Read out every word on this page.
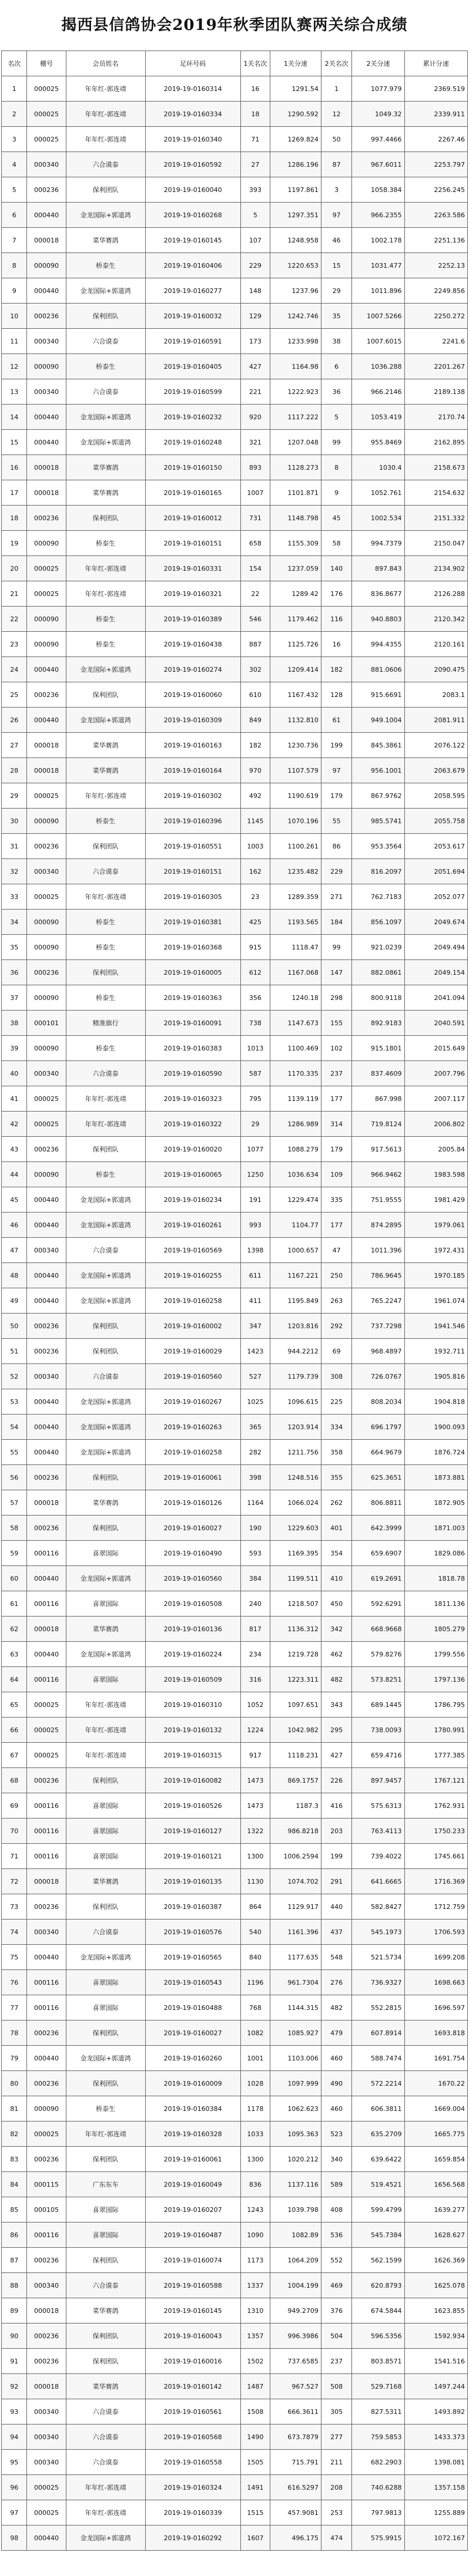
揭西县信鸽协会2019年秋季团队赛两关综合成绩
名次	棚号	会员姓名	足环号码	1关名次	1关分速	2关名次	2关分速	累计分速
1	000025	年年红-郭连靖	2019-19-0160314	16	1291.54	1	1077.979	2369.519
2	000025	年年红-郭连靖	2019-19-0160334	18	1290.592	12	1049.32	2339.911
3	000025	年年红-郭连靖	2019-19-0160340	71	1269.824	50	997.4466	2267.46
4	000340	六合谟泰	2019-19-0160592	27	1286.196	87	967.6011	2253.797
5	000236	保利团队	2019-19-0160040	393	1197.861	3	1058.384	2256.245
6	000440	金龙国际+郭道鸿	2019-19-0160268	5	1297.351	97	966.2355	2263.586
7	000018	菜华赛鸽	2019-19-0160145	107	1248.958	46	1002.178	2251.136
8	000090	桥泰生	2019-19-0160406	229	1220.653	15	1031.477	2252.13
9	000440	金龙国际+郭道鸿	2019-19-0160277	148	1237.96	29	1011.896	2249.856
10	000236	保利团队	2019-19-0160032	129	1242.746	35	1007.5266	2250.272
11	000340	六合谟泰	2019-19-0160591	173	1233.998	38	1007.6015	2241.6
12	000090	桥泰生	2019-19-0160405	427	1164.98	6	1036.288	2201.267
13	000340	六合谟泰	2019-19-0160599	221	1222.923	36	966.2146	2189.138
14	000440	金龙国际+郭道鸿	2019-19-0160232	920	1117.222	5	1053.419	2170.74
15	000440	金龙国际+郭道鸿	2019-19-0160248	321	1207.048	99	955.8469	2162.895
16	000018	菜华赛鸽	2019-19-0160150	893	1128.273	8	1030.4	2158.673
17	000018	菜华赛鸽	2019-19-0160165	1007	1101.871	9	1052.761	2154.632
18	000236	保利团队	2019-19-0160012	731	1148.798	45	1002.534	2151.332
19	000090	桥泰生	2019-19-0160151	658	1155.309	58	994.7379	2150.047
20	000025	年年红-郭连靖	2019-19-0160331	154	1237.059	140	897.843	2134.902
21	000025	年年红-郭连靖	2019-19-0160321	22	1289.42	176	836.8677	2126.288
22	000090	桥泰生	2019-19-0160389	546	1179.462	116	940.8803	2120.342
23	000090	桥泰生	2019-19-0160438	887	1125.726	16	994.4355	2120.161
24	000440	金龙国际+郭道鸿	2019-19-0160274	302	1209.414	182	881.0606	2090.475
25	000236	保利团队	2019-19-0160060	610	1167.432	128	915.6691	2083.1
26	000440	金龙国际+郭道鸿	2019-19-0160309	849	1132.810	61	949.1004	2081.911
27	000018	菜华赛鸽	2019-19-0160163	182	1230.736	199	845.3861	2076.122
28	000018	菜华赛鸽	2019-19-0160164	970	1107.579	97	956.1001	2063.679
29	000025	年年红-郭连靖	2019-19-0160302	492	1190.619	179	867.9762	2058.595
30	000090	桥泰生	2019-19-0160396	1145	1070.196	55	985.5741	2055.758
31	000236	保利团队	2019-19-0160551	1003	1100.261	86	953.3564	2053.617
32	000340	六合谟泰	2019-19-0160151	162	1235.482	229	816.2097	2051.694
33	000025	年年红-郭连靖	2019-19-0160305	23	1289.359	271	762.7183	2052.077
34	000090	桥泰生	2019-19-0160381	425	1193.565	184	856.1097	2049.674
35	000090	桥泰生	2019-19-0160368	915	1118.47	99	921.0239	2049.494
36	000236	保利团队	2019-19-0160005	612	1167.068	147	882.0861	2049.154
37	000090	桥泰生	2019-19-0160363	356	1240.18	298	800.9118	2041.094
38	000101	精准旗行	2019-19-0160091	738	1147.673	155	892.9183	2040.591
39	000090	桥泰生	2019-19-0160383	1013	1100.469	102	915.1801	2015.649
40	000340	六合谟泰	2019-19-0160590	587	1170.335	237	837.4609	2007.796
41	000025	年年红-郭连靖	2019-19-0160323	795	1139.119	177	867.998	2007.117
42	000025	年年红-郭连靖	2019-19-0160322	29	1286.989	314	719.8124	2006.802
43	000236	保利团队	2019-19-0160020	1077	1088.279	179	917.5613	2005.84
44	000090	桥泰生	2019-19-0160065	1250	1036.634	109	966.9462	1983.598
45	000440	金龙国际+郭道鸿	2019-19-0160234	191	1229.474	335	751.9555	1981.429
46	000440	金龙国际+郭道鸿	2019-19-0160261	993	1104.77	177	874.2895	1979.061
47	000340	六合谟泰	2019-19-0160569	1398	1000.657	47	1011.396	1972.431
48	000440	金龙国际+郭道鸿	2019-19-0160255	611	1167.221	250	786.9645	1970.185
49	000440	金龙国际+郭道鸿	2019-19-0160258	411	1195.849	263	765.2247	1961.074
50	000236	保利团队	2019-19-0160002	347	1203.816	292	737.7298	1941.546
51	000236	保利团队	2019-19-0160029	1423	944.2212	69	968.4897	1932.711
52	000340	六合谟泰	2019-19-0160560	527	1179.739	308	726.0767	1905.816
53	000440	金龙国际+郭道鸿	2019-19-0160267	1025	1096.615	225	808.2034	1904.818
54	000440	金龙国际+郭道鸿	2019-19-0160263	365	1203.914	334	696.1797	1900.093
55	000440	金龙国际+郭道鸿	2019-19-0160258	282	1211.756	358	664.9679	1876.724
56	000236	保利团队	2019-19-0160061	398	1248.516	355	625.3651	1873.881
57	000018	菜华赛鸽	2019-19-0160126	1164	1066.024	262	806.8811	1872.905
58	000236	保利团队	2019-19-0160027	190	1229.603	401	642.3999	1871.003
59	000116	喜翠国际	2019-19-0160490	593	1169.395	354	659.6907	1829.086
60	000440	金龙国际+郭道鸿	2019-19-0160560	384	1199.511	410	619.2691	1818.78
61	000116	喜翠国际	2019-19-0160508	240	1218.507	450	592.6291	1811.136
62	000018	菜华赛鸽	2019-19-0160136	817	1136.312	342	668.9668	1805.279
63	000440	金龙国际+郭道鸿	2019-19-0160224	234	1219.728	462	579.8276	1799.556
64	000116	喜翠国际	2019-19-0160509	316	1223.311	482	573.8251	1797.136
65	000025	年年红-郭连靖	2019-19-0160310	1052	1097.651	343	689.1445	1786.795
66	000025	年年红-郭连靖	2019-19-0160132	1224	1042.982	295	738.0093	1780.991
67	000025	年年红-郭连靖	2019-19-0160315	917	1118.231	427	659.4716	1777.385
68	000236	保利团队	2019-19-0160082	1473	869.1757	226	897.9457	1767.121
69	000116	喜翠国际	2019-19-0160526	1473	1187.3	416	575.6313	1762.931
70	000116	喜翠国际	2019-19-0160127	1322	986.8218	203	763.4113	1750.233
71	000116	喜翠国际	2019-19-0160121	1300	1006.2594	199	739.4022	1745.661
72	000018	菜华赛鸽	2019-19-0160135	1130	1074.702	291	641.6665	1716.369
73	000236	保利团队	2019-19-0160387	864	1129.917	440	582.8427	1712.759
74	000340	六合谟泰	2019-19-0160576	540	1161.396	437	545.1973	1706.593
75	000440	金龙国际+郭道鸿	2019-19-0160565	840	1177.635	548	521.5734	1699.208
76	000116	喜翠国际	2019-19-0160543	1196	961.7304	276	736.9327	1698.663
77	000116	喜翠国际	2019-19-0160488	768	1144.315	482	552.2815	1696.597
78	000236	保利团队	2019-19-0160027	1082	1085.927	479	607.8914	1693.818
79	000440	金龙国际+郭道鸿	2019-19-0160260	1001	1103.006	460	588.7474	1691.754
80	000236	保利团队	2019-19-0160009	1028	1097.999	490	572.2214	1670.22
81	000090	桥泰生	2019-19-0160384	1178	1062.623	460	606.3811	1669.004
82	000025	年年红-郭连靖	2019-19-0160328	1033	1095.363	523	635.2709	1665.775
83	000236	保利团队	2019-19-0160061	1300	1020.212	340	639.6422	1659.854
84	000115	广东东车	2019-19-0160049	836	1137.116	589	519.4521	1656.568
85	000105	喜翠国际	2019-19-0160207	1243	1039.798	408	599.4799	1639.277
86	000116	喜翠国际	2019-19-0160487	1090	1082.89	536	545.7384	1628.627
87	000236	保利团队	2019-19-0160074	1173	1064.209	552	562.1599	1626.369
88	000340	六合谟泰	2019-19-0160588	1337	1004.199	469	620.8793	1625.078
89	000018	菜华赛鸽	2019-19-0160145	1310	949.2709	376	674.5844	1623.855
90	000236	保利团队	2019-19-0160043	1357	996.3986	504	596.5356	1592.934
91	000236	保利团队	2019-19-0160016	1502	737.6585	237	803.8571	1541.516
92	000018	菜华赛鸽	2019-19-0160142	1487	967.527	508	529.7168	1497.244
93	000340	六合谟泰	2019-19-0160561	1508	666.3611	305	827.5311	1493.892
94	000340	六合谟泰	2019-19-0160568	1490	673.7879	277	759.5853	1433.373
95	000340	六合谟泰	2019-19-0160558	1505	715.791	211	682.2903	1398.081
96	000025	年年红-郭连靖	2019-19-0160324	1491	616.5297	208	740.6288	1357.158
97	000025	年年红-郭连靖	2019-19-0160339	1515	457.9081	253	797.9813	1255.889
98	000440	金龙国际+郭道鸿	2019-19-0160292	1607	496.175	474	575.9915	1072.167
